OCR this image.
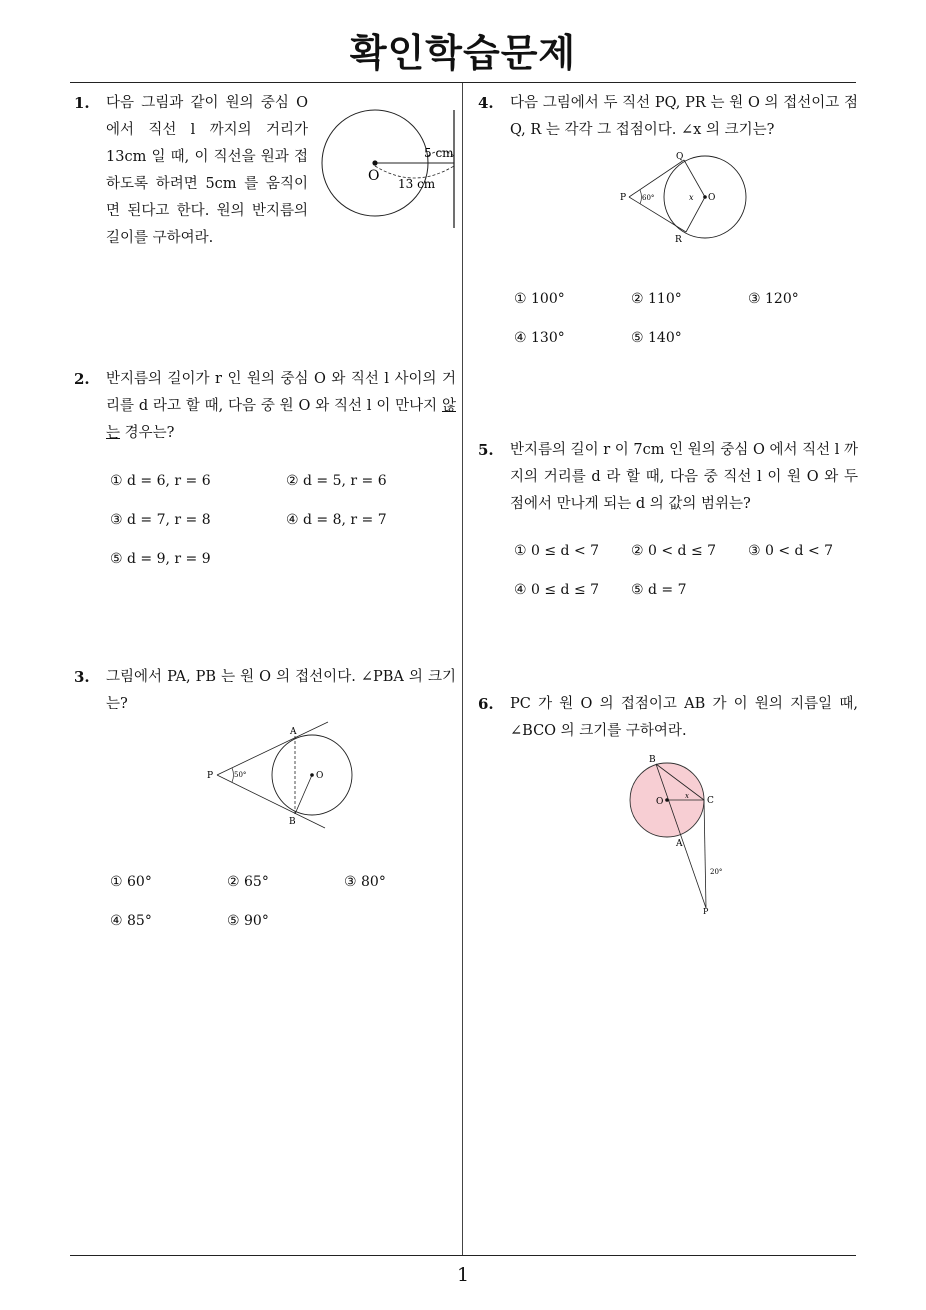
확인학습문제
1. 다음 그림과 같이 원의 중심 O 에서 직선 l 까지의 거리가 13cm 일 때, 이 직선을 원과 접하도록 하려면 5cm 를 움직이면 된다고 한다. 원의 반지름의 길이를 구하여라.
O 13 cm
5 cm
2. 반지름의 길이가 r 인 원의 중심 O 와 직선 l 사이의 거리를 d 라고 할 때, 다음 중 원 O 와 직선 l 이 만나지 않는 경우는?
① d = 6, r = 6	② d = 5, r = 6
③ d = 7, r = 8	④ d = 8, r = 7
⑤ d = 9, r = 9
3. 그림에서 PA, PB 는 원 O 의 접선이다. ∠PBA 의 크기는?
A
B
P	O
50°
① 60°	② 65°	③ 80°
④ 85°	⑤ 90°
4. 다음 그림에서 두 직선 PQ, PR 는 원 O 의 접선이고 점 Q, R 는 각각 그 접점이다. ∠x 의 크기는?
Q
R
P	O
60°	x
① 100°	② 110°	③ 120°
④ 130°	⑤ 140°
5. 반지름의 길이 r 이 7cm 인 원의 중심 O 에서 직선 l 까지의 거리를 d 라 할 때, 다음 중 직선 l 이 원 O 와 두 점에서 만나게 되는 d 의 값의 범위는?
① 0 ≤ d < 7 ② 0 < d ≤ 7 ③ 0 < d < 7
④ 0 ≤ d ≤ 7 ⑤ d = 7
6. PC 가 원 O 의 접점이고 AB 가 이 원의 지름일 때, ∠BCO 의 크기를 구하여라.
B
O	C
A
P
20°
x
1
